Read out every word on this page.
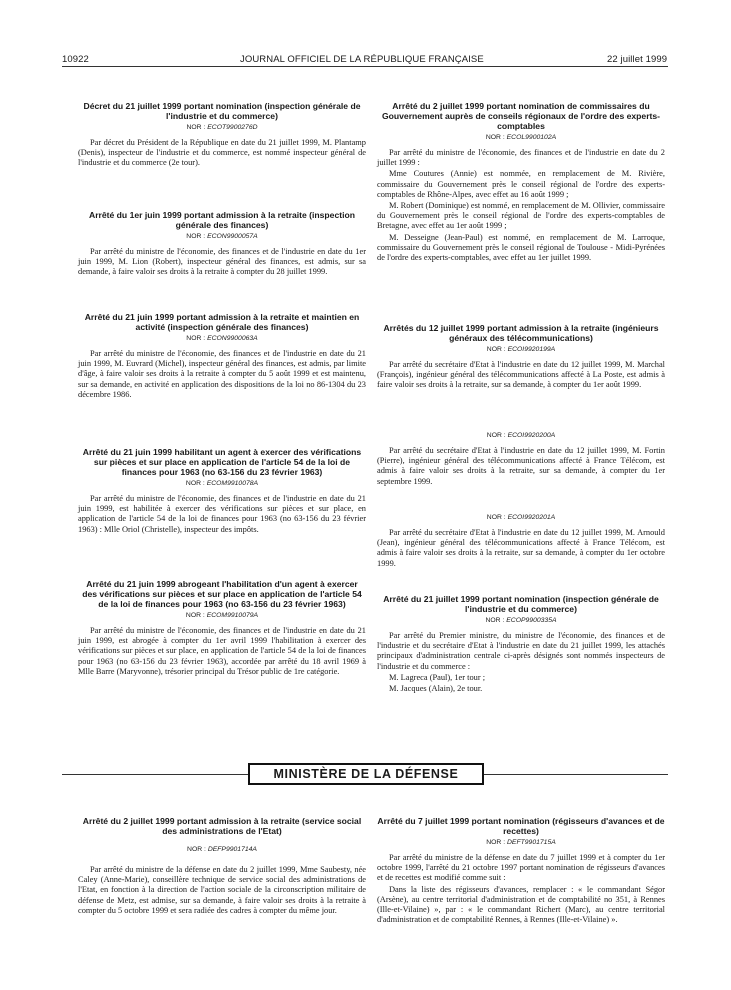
10922	JOURNAL OFFICIEL DE LA RÉPUBLIQUE FRANÇAISE	22 juillet 1999

Décret du 21 juillet 1999 portant nomination (inspection générale de l'industrie et du commerce)

NOR : ECOT9900276D

Par décret du Président de la République en date du 21 juillet 1999, M. Plantamp (Denis), inspecteur de l'industrie et du commerce, est nommé inspecteur général de l'industrie et du commerce (2e tour).

Arrêté du 1er juin 1999 portant admission à la retraite (inspection générale des finances)

NOR : ECON9900057A

Par arrêté du ministre de l'économie, des finances et de l'industrie en date du 1er juin 1999, M. Lion (Robert), inspecteur général des finances, est admis, sur sa demande, à faire valoir ses droits à la retraite à compter du 28 juillet 1999.

Arrêté du 21 juin 1999 portant admission à la retraite et maintien en activité (inspection générale des finances)

NOR : ECON9900063A

Par arrêté du ministre de l'économie, des finances et de l'industrie en date du 21 juin 1999, M. Euvrard (Michel), inspecteur général des finances, est admis, par limite d'âge, à faire valoir ses droits à la retraite à compter du 5 août 1999 et est maintenu, sur sa demande, en activité en application des dispositions de la loi no 86-1304 du 23 décembre 1986.

Arrêté du 21 juin 1999 habilitant un agent à exercer des vérifications sur pièces et sur place en application de l'article 54 de la loi de finances pour 1963 (no 63-156 du 23 février 1963)

NOR : ECOM9910078A

Par arrêté du ministre de l'économie, des finances et de l'industrie en date du 21 juin 1999, est habilitée à exercer des vérifications sur pièces et sur place, en application de l'article 54 de la loi de finances pour 1963 (no 63-156 du 23 février 1963) : Mlle Oriol (Christelle), inspecteur des impôts.

Arrêté du 21 juin 1999 abrogeant l'habilitation d'un agent à exercer des vérifications sur pièces et sur place en application de l'article 54 de la loi de finances pour 1963 (no 63-156 du 23 février 1963)

NOR : ECOM9910079A

Par arrêté du ministre de l'économie, des finances et de l'industrie en date du 21 juin 1999, est abrogée à compter du 1er avril 1999 l'habilitation à exercer des vérifications sur pièces et sur place, en application de l'article 54 de la loi de finances pour 1963 (no 63-156 du 23 février 1963), accordée par arrêté du 18 avril 1969 à Mlle Barre (Maryvonne), trésorier principal du Trésor public de 1re catégorie.

Arrêté du 2 juillet 1999 portant nomination de commissaires du Gouvernement auprès de conseils régionaux de l'ordre des experts-comptables

NOR : ECOL9900102A

Par arrêté du ministre de l'économie, des finances et de l'industrie en date du 2 juillet 1999 :

Mme Coutures (Annie) est nommée, en remplacement de M. Rivière, commissaire du Gouvernement près le conseil régional de l'ordre des experts-comptables de Rhône-Alpes, avec effet au 16 août 1999 ;

M. Robert (Dominique) est nommé, en remplacement de M. Ollivier, commissaire du Gouvernement près le conseil régional de l'ordre des experts-comptables de Bretagne, avec effet au 1er août 1999 ;

M. Desseigne (Jean-Paul) est nommé, en remplacement de M. Larroque, commissaire du Gouvernement près le conseil régional de Toulouse - Midi-Pyrénées de l'ordre des experts-comptables, avec effet au 1er juillet 1999.

Arrêtés du 12 juillet 1999 portant admission à la retraite (ingénieurs généraux des télécommunications)

NOR : ECOI9920199A

Par arrêté du secrétaire d'Etat à l'industrie en date du 12 juillet 1999, M. Marchal (François), ingénieur général des télécommunications affecté à La Poste, est admis à faire valoir ses droits à la retraite, sur sa demande, à compter du 1er août 1999.

NOR : ECOI9920200A

Par arrêté du secrétaire d'Etat à l'industrie en date du 12 juillet 1999, M. Fortin (Pierre), ingénieur général des télécommunications affecté à France Télécom, est admis à faire valoir ses droits à la retraite, sur sa demande, à compter du 1er septembre 1999.

NOR : ECOI9920201A

Par arrêté du secrétaire d'Etat à l'industrie en date du 12 juillet 1999, M. Arnould (Jean), ingénieur général des télécommunications affecté à France Télécom, est admis à faire valoir ses droits à la retraite, sur sa demande, à compter du 1er octobre 1999.

Arrêté du 21 juillet 1999 portant nomination (inspection générale de l'industrie et du commerce)

NOR : ECOP9900335A

Par arrêté du Premier ministre, du ministre de l'économie, des finances et de l'industrie et du secrétaire d'Etat à l'industrie en date du 21 juillet 1999, les attachés principaux d'administration centrale ci-après désignés sont nommés inspecteurs de l'industrie et du commerce :

M. Lagreca (Paul), 1er tour ;

M. Jacques (Alain), 2e tour.

MINISTÈRE DE LA DÉFENSE

Arrêté du 2 juillet 1999 portant admission à la retraite (service social des administrations de l'Etat)

NOR : DEFP9901714A

Par arrêté du ministre de la défense en date du 2 juillet 1999, Mme Saubesty, née Caley (Anne-Marie), conseillère technique de service social des administrations de l'Etat, en fonction à la direction de l'action sociale de la circonscription militaire de défense de Metz, est admise, sur sa demande, à faire valoir ses droits à la retraite à compter du 5 octobre 1999 et sera radiée des cadres à compter du même jour.

Arrêté du 7 juillet 1999 portant nomination (régisseurs d'avances et de recettes)

NOR : DEFT9901715A

Par arrêté du ministre de la défense en date du 7 juillet 1999 et à compter du 1er octobre 1999, l'arrêté du 21 octobre 1997 portant nomination de régisseurs d'avances et de recettes est modifié comme suit :

Dans la liste des régisseurs d'avances, remplacer : « le commandant Ségor (Arsène), au centre territorial d'administration et de comptabilité no 351, à Rennes (Ille-et-Vilaine) », par : « le commandant Richert (Marc), au centre territorial d'administration et de comptabilité Rennes, à Rennes (Ille-et-Vilaine) ».
